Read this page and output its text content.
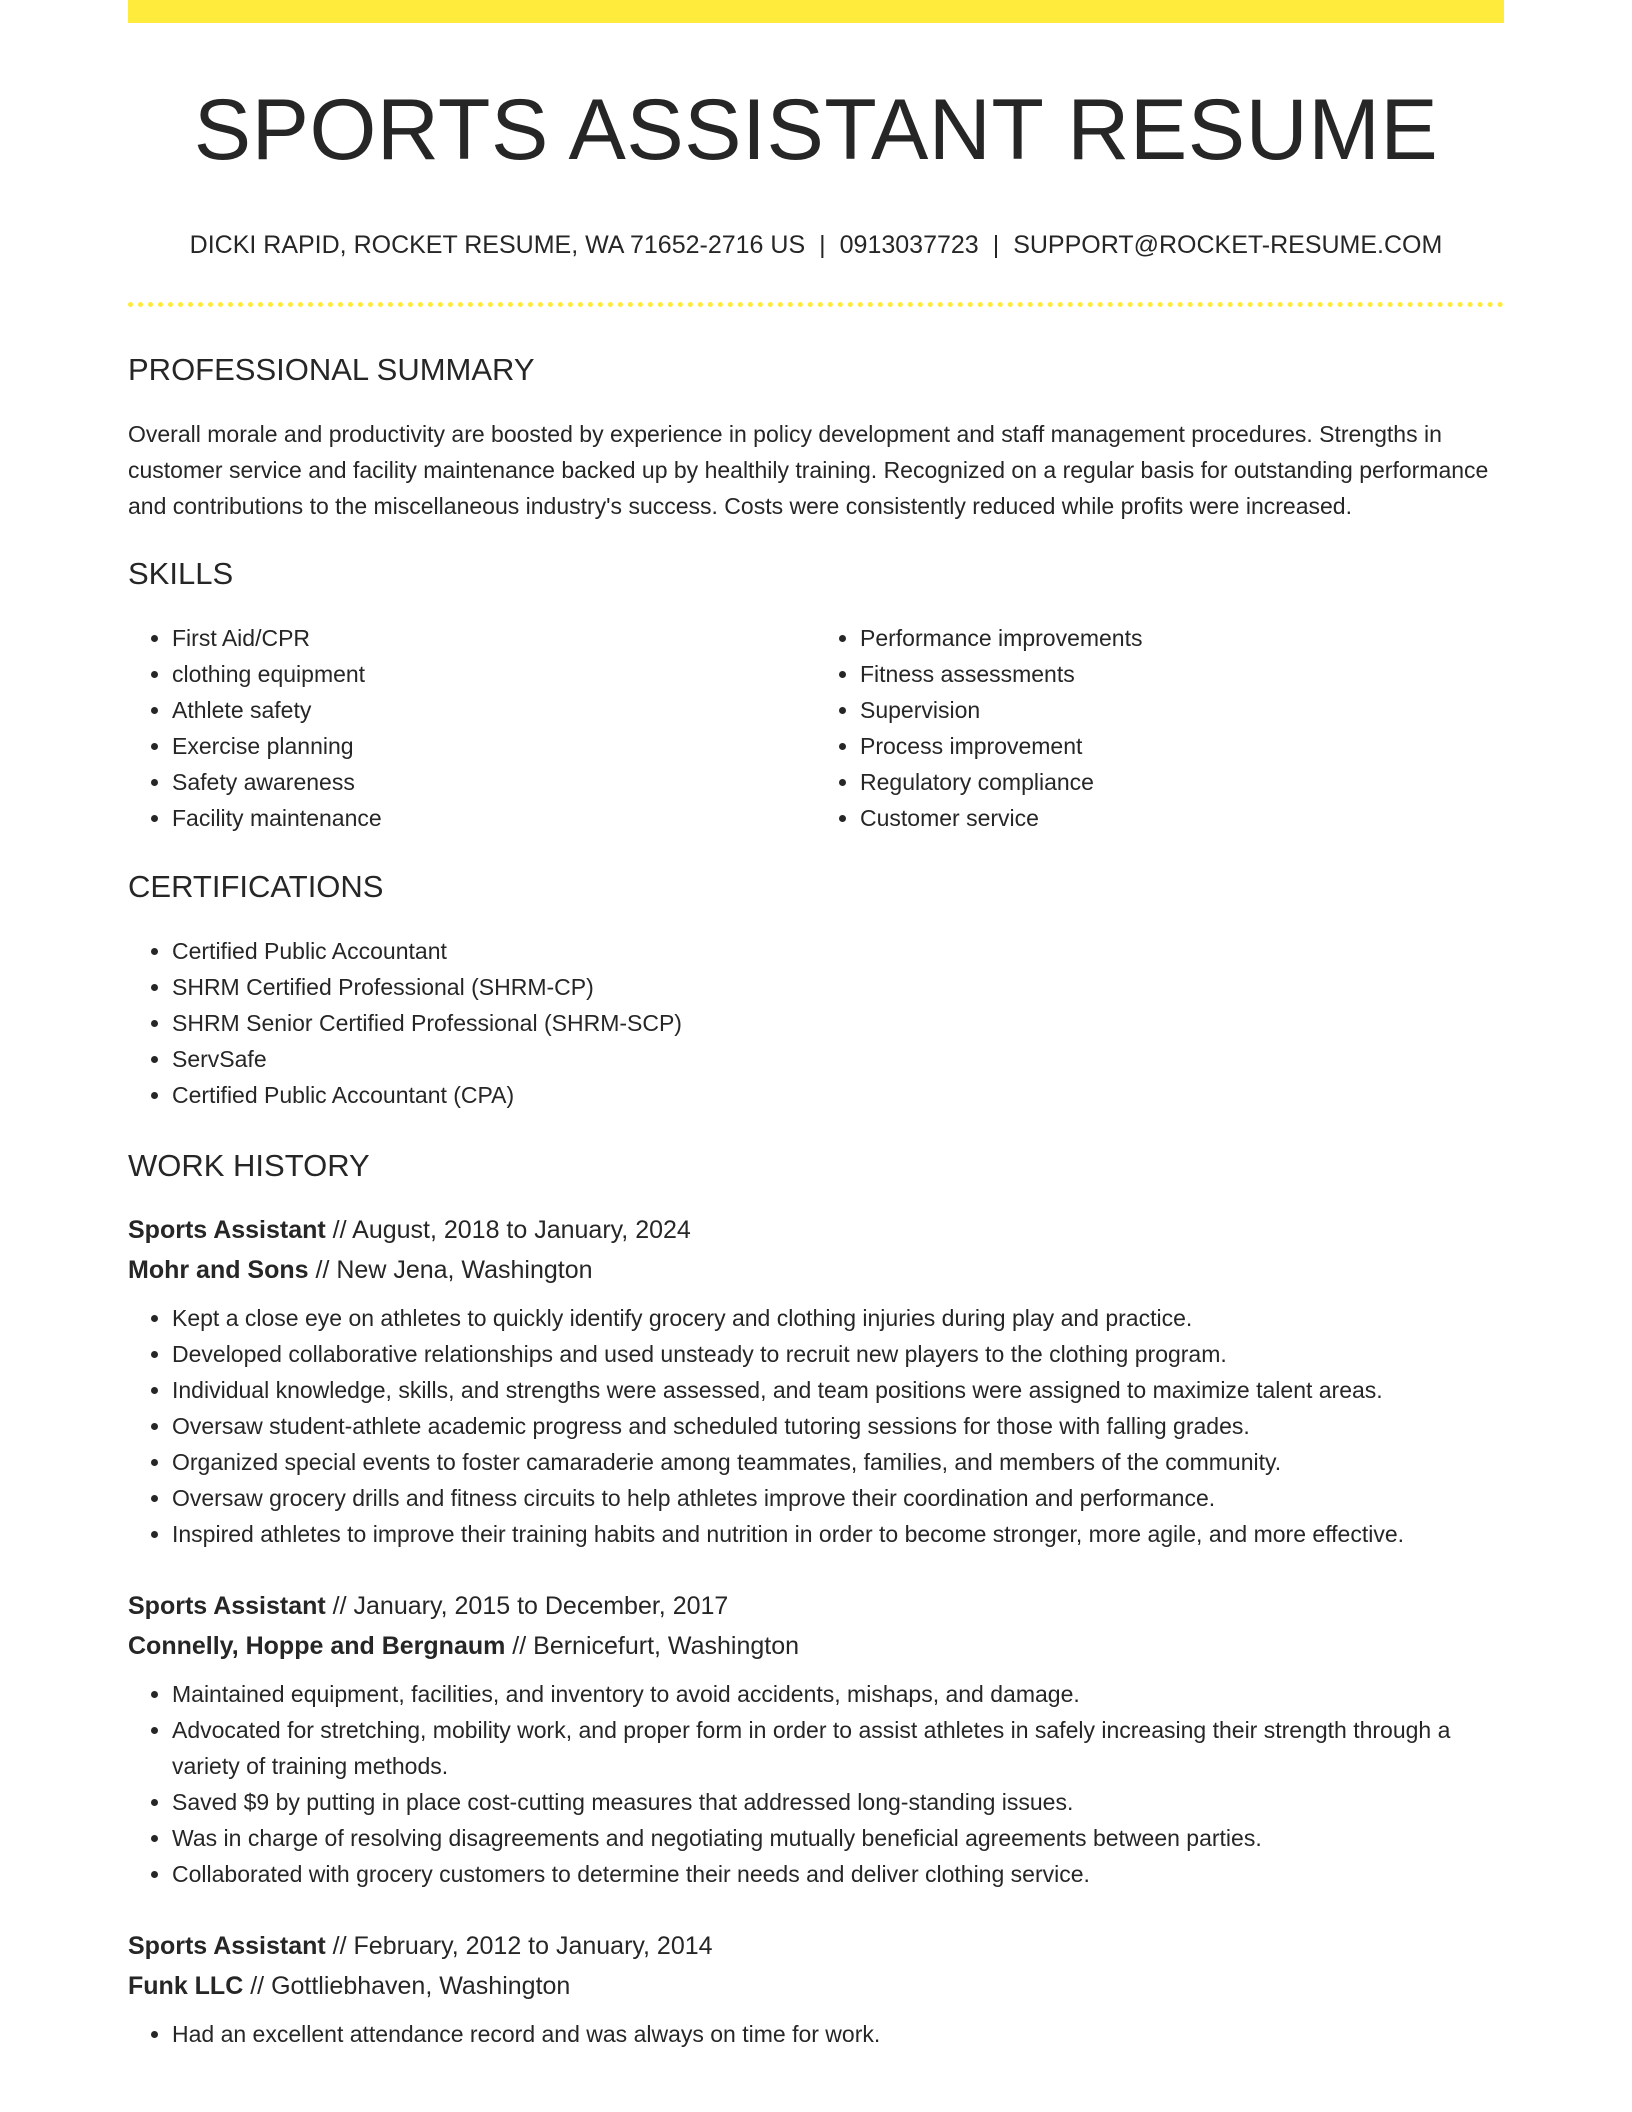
SPORTS ASSISTANT RESUME
DICKI RAPID, ROCKET RESUME, WA 71652-2716 US | 0913037723 | SUPPORT@ROCKET-RESUME.COM
PROFESSIONAL SUMMARY

Overall morale and productivity are boosted by experience in policy development and staff management procedures. Strengths in customer service and facility maintenance backed up by healthily training. Recognized on a regular basis for outstanding performance and contributions to the miscellaneous industry's success. Costs were consistently reduced while profits were increased.

SKILLS
• First Aid/CPR
• clothing equipment
• Athlete safety
• Exercise planning
• Safety awareness
• Facility maintenance
• Performance improvements
• Fitness assessments
• Supervision
• Process improvement
• Regulatory compliance
• Customer service
CERTIFICATIONS
• Certified Public Accountant
• SHRM Certified Professional (SHRM-CP)
• SHRM Senior Certified Professional (SHRM-SCP)
• ServSafe
• Certified Public Accountant (CPA)
WORK HISTORY
Sports Assistant // August, 2018 to January, 2024
Mohr and Sons // New Jena, Washington
• Kept a close eye on athletes to quickly identify grocery and clothing injuries during play and practice.
• Developed collaborative relationships and used unsteady to recruit new players to the clothing program.
• Individual knowledge, skills, and strengths were assessed, and team positions were assigned to maximize talent areas.
• Oversaw student-athlete academic progress and scheduled tutoring sessions for those with falling grades.
• Organized special events to foster camaraderie among teammates, families, and members of the community.
• Oversaw grocery drills and fitness circuits to help athletes improve their coordination and performance.
• Inspired athletes to improve their training habits and nutrition in order to become stronger, more agile, and more effective.
Sports Assistant // January, 2015 to December, 2017
Connelly, Hoppe and Bergnaum // Bernicefurt, Washington
• Maintained equipment, facilities, and inventory to avoid accidents, mishaps, and damage.
• Advocated for stretching, mobility work, and proper form in order to assist athletes in safely increasing their strength through a variety of training methods.
• Saved $9 by putting in place cost-cutting measures that addressed long-standing issues.
• Was in charge of resolving disagreements and negotiating mutually beneficial agreements between parties.
• Collaborated with grocery customers to determine their needs and deliver clothing service.
Sports Assistant // February, 2012 to January, 2014
Funk LLC // Gottliebhaven, Washington
• Had an excellent attendance record and was always on time for work.
